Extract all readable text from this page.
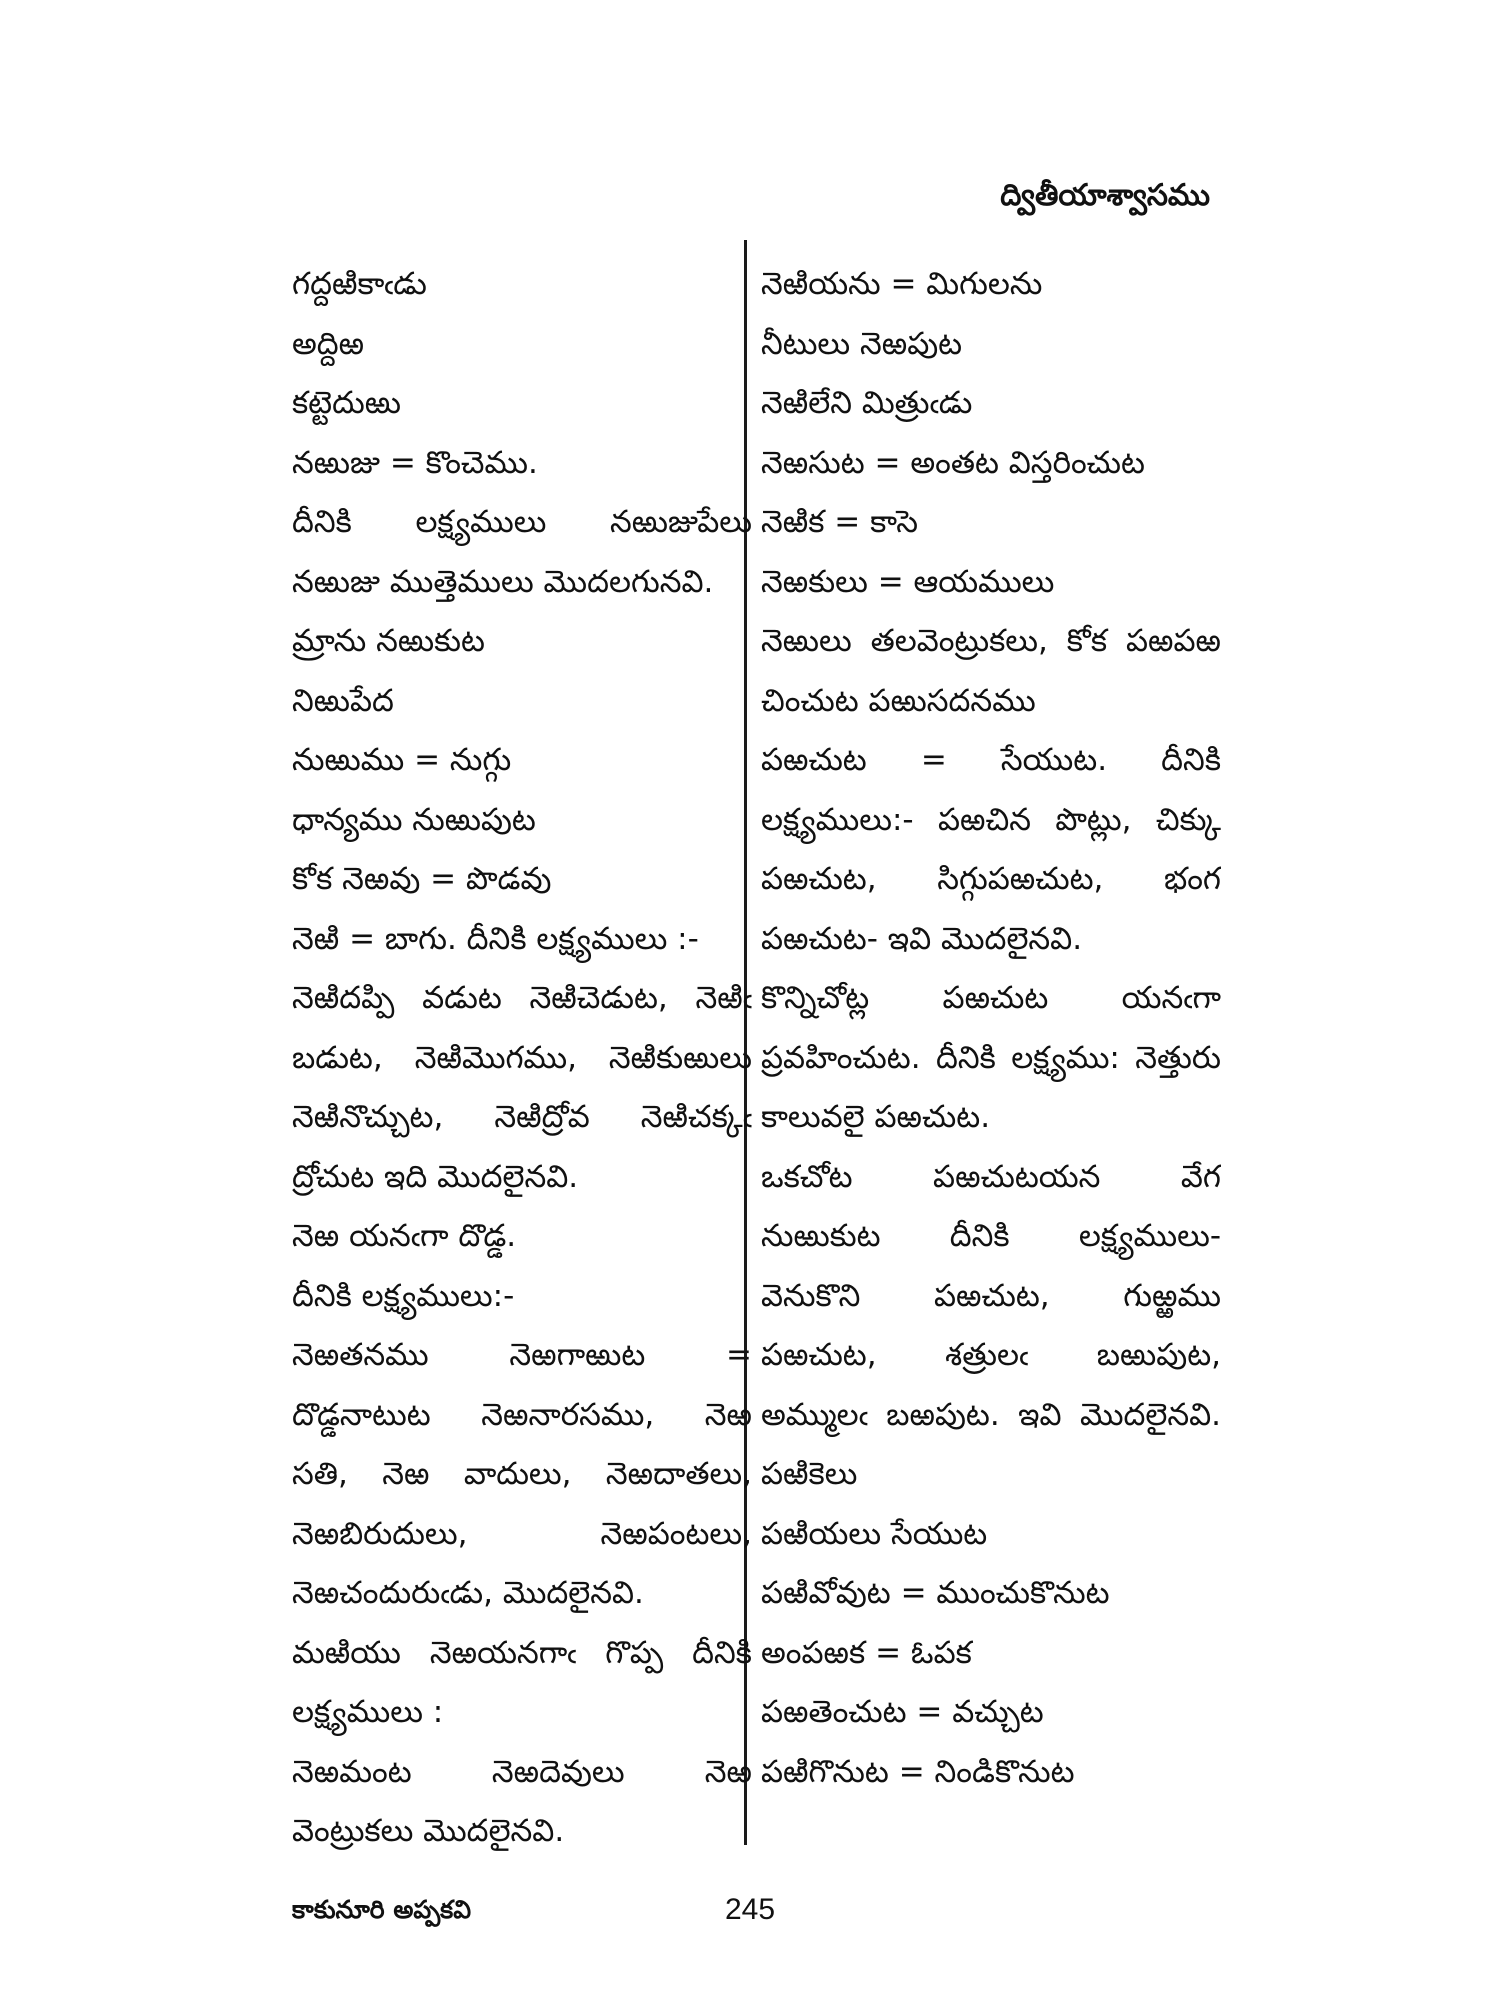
ద్వితీయాశ్వాసము
గద్దఱికాఁడు
అద్దిఱ
కట్టెదుఱు
నఱుజు = కొంచెము.
దీనికి లక్ష్యములు నఱుజుపేలు
నఱుజు ముత్తెములు మొదలగునవి.
మ్రాను నఱుకుట
నిఱుపేద
నుఱుము = నుగ్గు
ధాన్యము నుఱుపుట
కోక నెఱవు = పొడవు
నెఱి = బాగు. దీనికి లక్ష్యములు :-
నెఱిదప్పి వడుట నెఱిచెడుట, నెఱిఁ
బడుట, నెఱిమొగము, నెఱికుఱులు
నెఱినొచ్చుట, నెఱిద్రోవ నెఱిచక్కఁ
ద్రోచుట ఇది మొదలైనవి.
నెఱ యనఁగా దొడ్డ.
దీనికి లక్ష్యములు:-
నెఱతనము నెఱగాఱుట =
దొడ్డనాటుట నెఱనారసము, నెఱ
సతి, నెఱ వాదులు, నెఱదాతలు,
నెఱబిరుదులు, నెఱపంటలు,
నెఱచందురుఁడు, మొదలైనవి.
మఱియు నెఱయనగాఁ గొప్ప దీనికి
లక్ష్యములు :
నెఱమంట నెఱదెవులు నెఱ
వెంట్రుకలు మొదలైనవి.
నెఱియను = మిగులను
నీటులు నెఱపుట
నెఱిలేని మిత్రుఁడు
నెఱసుట = అంతట విస్తరించుట
నెఱిక = కాసె
నెఱకులు = ఆయములు
నెఱులు తలవెంట్రుకలు, కోక పఱపఱ
చించుట పఱుసదనము
పఱచుట = సేయుట. దీనికి
లక్ష్యములు:- పఱచిన పొట్లు, చిక్కు
పఱచుట, సిగ్గుపఱచుట, భంగ
పఱచుట- ఇవి మొదలైనవి.
కొన్నిచోట్ల పఱచుట యనఁగా
ప్రవహించుట. దీనికి లక్ష్యము: నెత్తురు
కాలువలై పఱచుట.
ఒకచోట పఱచుటయన వేగ
నుఱుకుట దీనికి లక్ష్యములు-
వెనుకొని పఱచుట, గుఱ్ఱము
పఱచుట, శత్రులఁ బఱుపుట,
అమ్ములఁ బఱపుట. ఇవి మొదలైనవి.
పఱికెలు
పఱియలు సేయుట
పఱివోవుట = ముంచుకొనుట
అంపఱక = ఓపక
పఱతెంచుట = వచ్చుట
పఱిగొనుట = నిండికొనుట
కాకునూరి అప్పకవి	245
